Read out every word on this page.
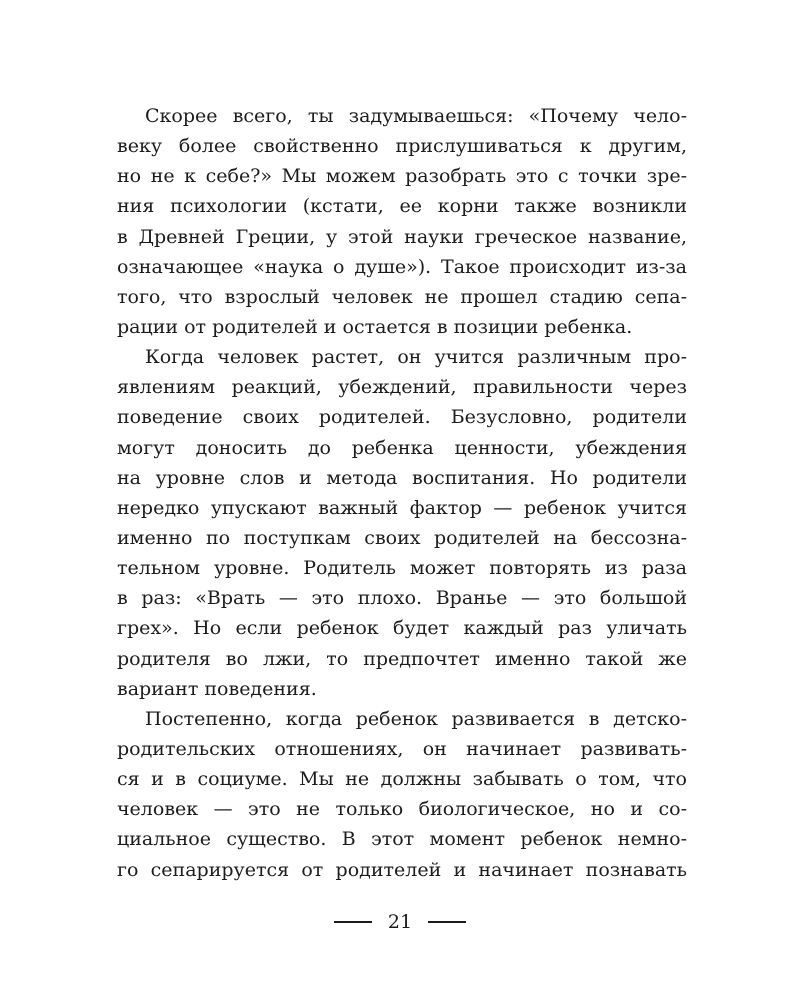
Скорее всего, ты задумываешься: «Почему чело-
веку более свойственно прислушиваться к другим,
но не к себе?» Мы можем разобрать это с точки зре-
ния психологии (кстати, ее корни также возникли
в Древней Греции, у этой науки греческое название,
означающее «наука о душе»). Такое происходит из-за
того, что взрослый человек не прошел стадию сепа-
рации от родителей и остается в позиции ребенка.
Когда человек растет, он учится различным про-
явлениям реакций, убеждений, правильности через
поведение своих родителей. Безусловно, родители
могут доносить до ребенка ценности, убеждения
на уровне слов и метода воспитания. Но родители
нередко упускают важный фактор — ребенок учится
именно по поступкам своих родителей на бессозна-
тельном уровне. Родитель может повторять из раза
в раз: «Врать — это плохо. Вранье — это большой
грех». Но если ребенок будет каждый раз уличать
родителя во лжи, то предпочтет именно такой же
вариант поведения.
Постепенно, когда ребенок развивается в детско-
родительских отношениях, он начинает развивать-
ся и в социуме. Мы не должны забывать о том, что
человек — это не только биологическое, но и со-
циальное существо. В этот момент ребенок немно-
го сепарируется от родителей и начинает познавать
21
